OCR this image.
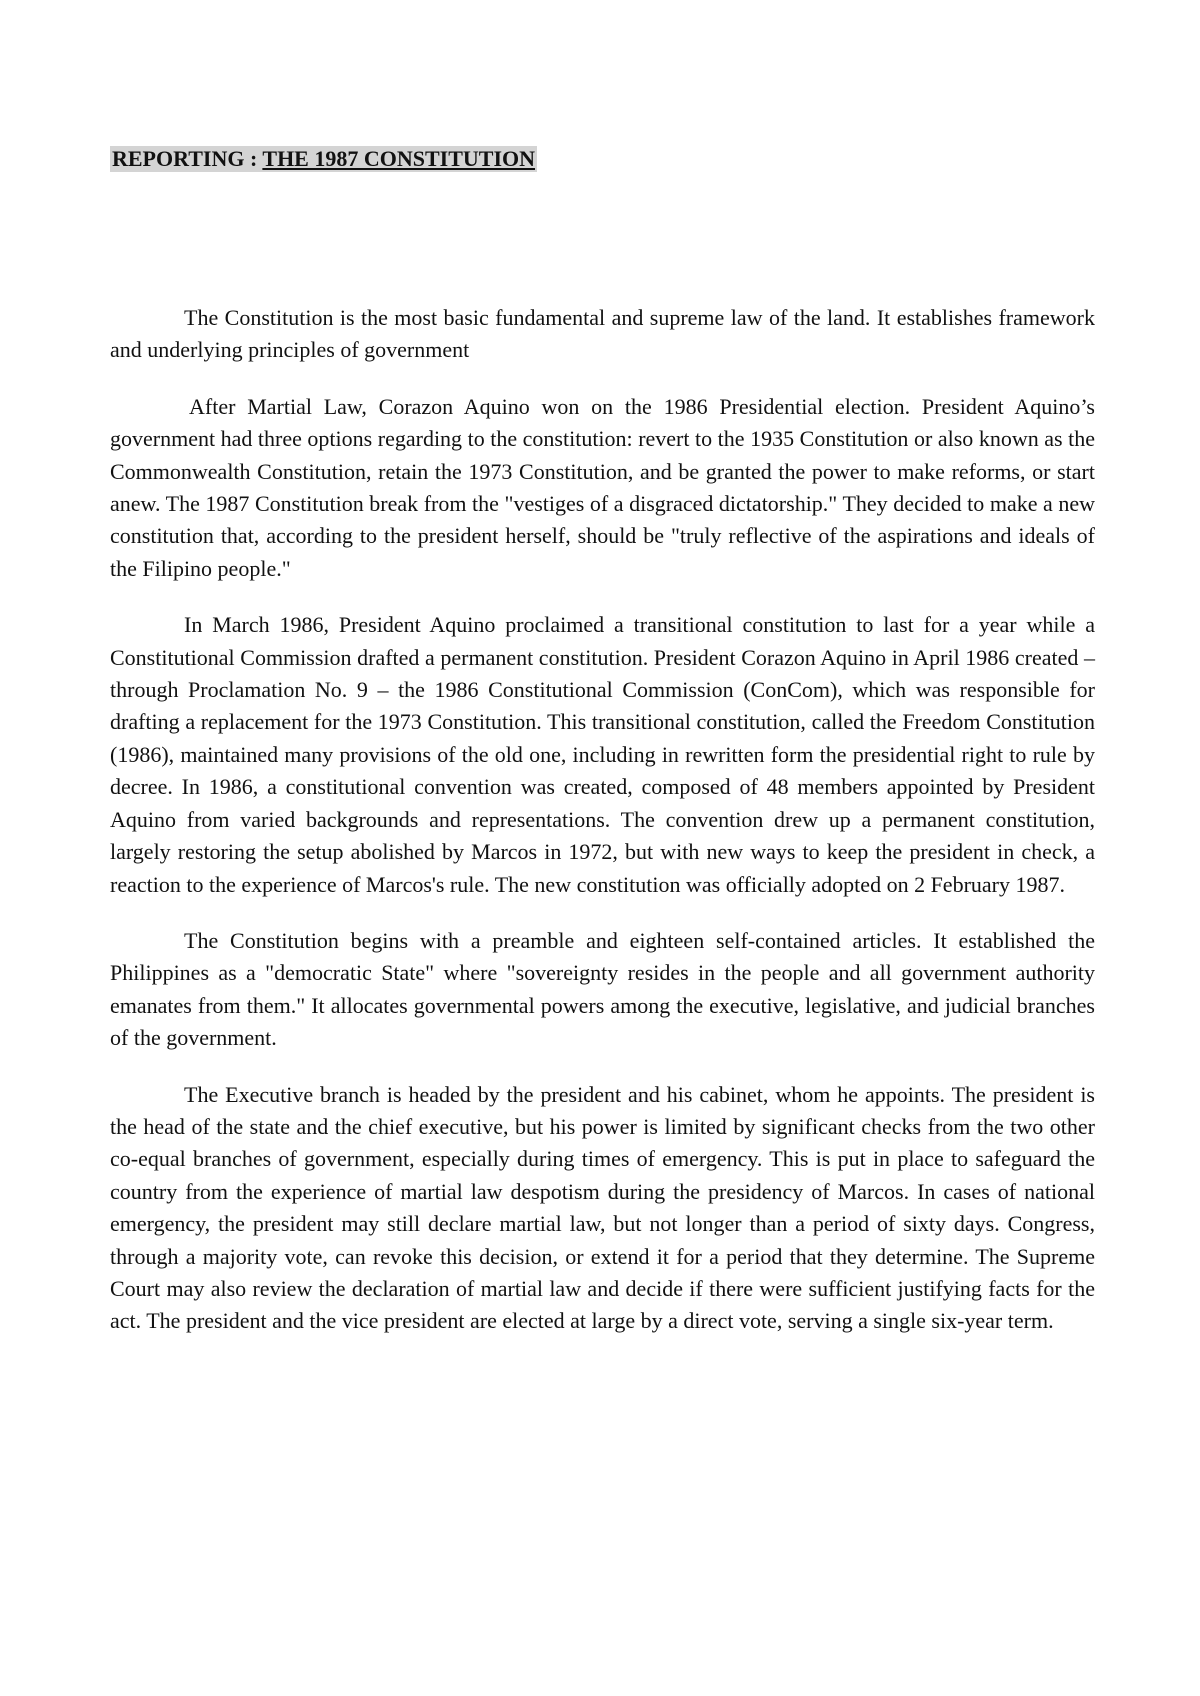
REPORTING : THE 1987 CONSTITUTION

The Constitution is the most basic fundamental and supreme law of the land. It establishes framework and underlying principles of government

After Martial Law, Corazon Aquino won on the 1986 Presidential election. President Aquino’s government had three options regarding to the constitution: revert to the 1935 Constitution or also known as the Commonwealth Constitution, retain the 1973 Constitution, and be granted the power to make reforms, or start anew. The 1987 Constitution break from the "vestiges of a disgraced dictatorship." They decided to make a new constitution that, according to the president herself, should be "truly reflective of the aspirations and ideals of the Filipino people."

In March 1986, President Aquino proclaimed a transitional constitution to last for a year while a Constitutional Commission drafted a permanent constitution. President Corazon Aquino in April 1986 created – through Proclamation No. 9 – the 1986 Constitutional Commission (ConCom), which was responsible for drafting a replacement for the 1973 Constitution. This transitional constitution, called the Freedom Constitution (1986), maintained many provisions of the old one, including in rewritten form the presidential right to rule by decree. In 1986, a constitutional convention was created, composed of 48 members appointed by President Aquino from varied backgrounds and representations. The convention drew up a permanent constitution, largely restoring the setup abolished by Marcos in 1972, but with new ways to keep the president in check, a reaction to the experience of Marcos's rule. The new constitution was officially adopted on 2 February 1987.

The Constitution begins with a preamble and eighteen self-contained articles. It established the Philippines as a "democratic State" where "sovereignty resides in the people and all government authority emanates from them." It allocates governmental powers among the executive, legislative, and judicial branches of the government.

The Executive branch is headed by the president and his cabinet, whom he appoints. The president is the head of the state and the chief executive, but his power is limited by significant checks from the two other co-equal branches of government, especially during times of emergency. This is put in place to safeguard the country from the experience of martial law despotism during the presidency of Marcos. In cases of national emergency, the president may still declare martial law, but not longer than a period of sixty days. Congress, through a majority vote, can revoke this decision, or extend it for a period that they determine. The Supreme Court may also review the declaration of martial law and decide if there were sufficient justifying facts for the act. The president and the vice president are elected at large by a direct vote, serving a single six-year term.
